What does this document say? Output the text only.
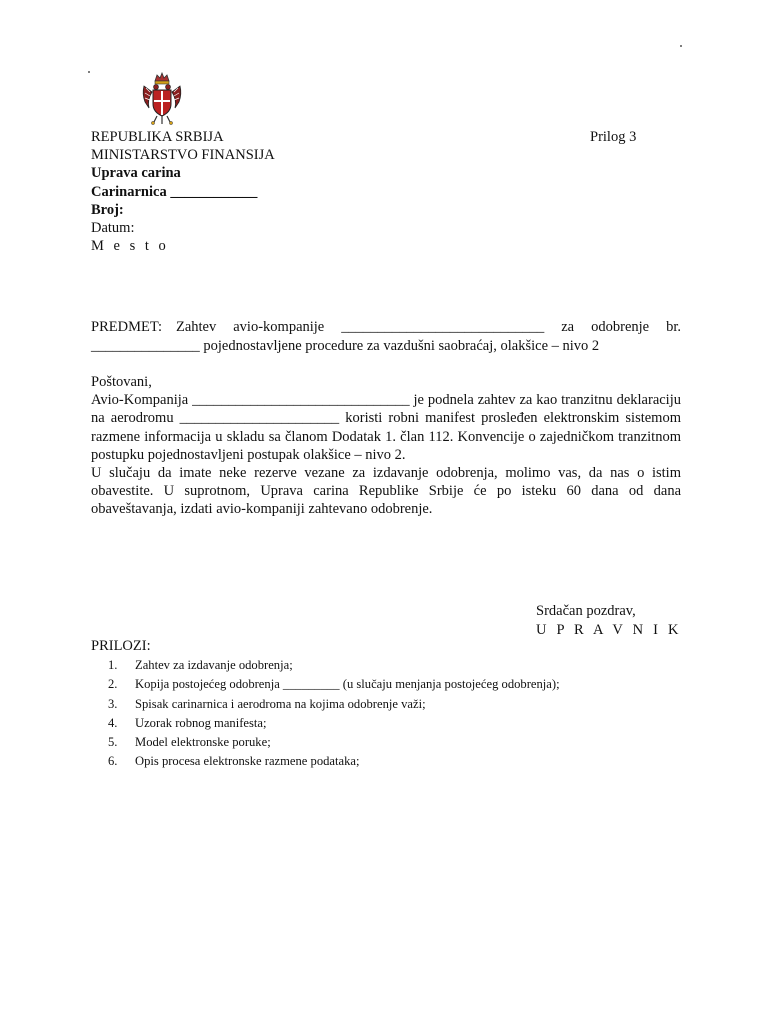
REPUBLIKA SRBIJA
MINISTARSTVO FINANSIJA
Uprava carina
Carinarnica ____________
Broj:
Datum:
M e s t o
Prilog 3
PREDMET: Zahtev avio-kompanije ____________________________ za odobrenje br.
_______________ pojednostavljene procedure za vazdušni saobraćaj, olakšice – nivo 2

Poštovani,

Avio-Kompanija ______________________________ je podnela zahtev za kao tranzitnu deklaraciju na aerodromu ______________________ koristi robni manifest prosleđen elektronskim sistemom razmene informacija u skladu sa članom Dodatak 1. član 112. Konvencije o zajedničkom tranzitnom postupku pojednostavljeni postupak olakšice – nivo 2.

U slučaju da imate neke rezerve vezane za izdavanje odobrenja, molimo vas, da nas o istim obavestite. U suprotnom, Uprava carina Republike Srbije će po isteku 60 dana od dana obaveštavanja, izdati avio-kompaniji zahtevano odobrenje.

Srdačan pozdrav,
U P R A V N I K
PRILOZI:
1. Zahtev za izdavanje odobrenja;
2. Kopija postojećeg odobrenja _________ (u slučaju menjanja postojećeg odobrenja);
3. Spisak carinarnica i aerodroma na kojima odobrenje važi;
4. Uzorak robnog manifesta;
5. Model elektronske poruke;
6. Opis procesa elektronske razmene podataka;
